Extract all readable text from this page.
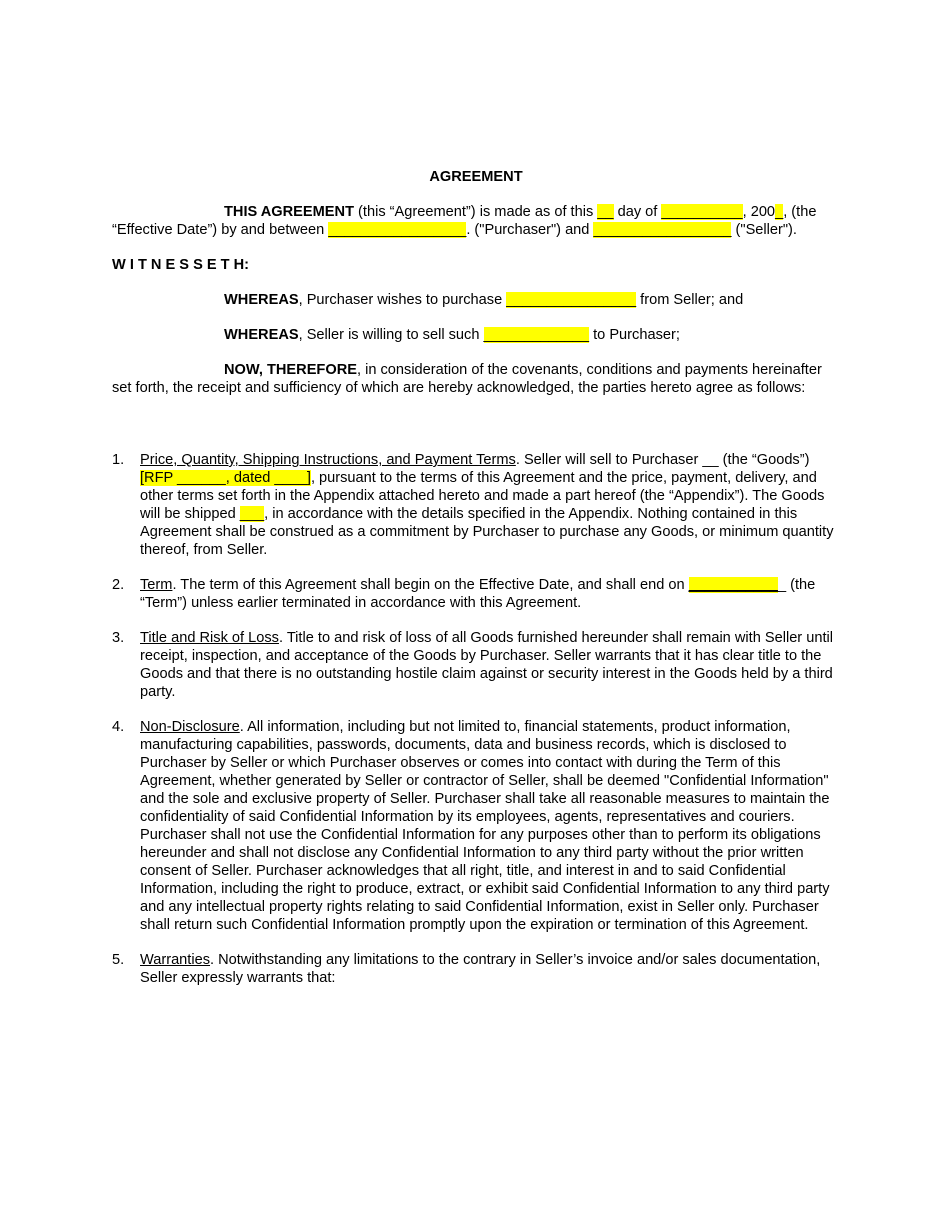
AGREEMENT

THIS AGREEMENT (this “Agreement”) is made as of this __ day of __________, 200_, (the “Effective Date”) by and between _________________. ("Purchaser") and _________________ ("Seller").

W I T N E S S E T H:

WHEREAS, Purchaser wishes to purchase ________________ from Seller; and

WHEREAS, Seller is willing to sell such _____________ to Purchaser;

NOW, THEREFORE, in consideration of the covenants, conditions and payments hereinafter set forth, the receipt and sufficiency of which are hereby acknowledged, the parties hereto agree as follows:

1. Price, Quantity, Shipping Instructions, and Payment Terms. Seller will sell to Purchaser __ (the “Goods”) [RFP ______, dated ____], pursuant to the terms of this Agreement and the price, payment, delivery, and other terms set forth in the Appendix attached hereto and made a part hereof (the “Appendix”). The Goods will be shipped ___, in accordance with the details specified in the Appendix. Nothing contained in this Agreement shall be construed as a commitment by Purchaser to purchase any Goods, or minimum quantity thereof, from Seller.
2. Term. The term of this Agreement shall begin on the Effective Date, and shall end on ____________ (the “Term”) unless earlier terminated in accordance with this Agreement.
3. Title and Risk of Loss. Title to and risk of loss of all Goods furnished hereunder shall remain with Seller until receipt, inspection, and acceptance of the Goods by Purchaser. Seller warrants that it has clear title to the Goods and that there is no outstanding hostile claim against or security interest in the Goods held by a third party.
4. Non-Disclosure. All information, including but not limited to, financial statements, product information, manufacturing capabilities, passwords, documents, data and business records, which is disclosed to Purchaser by Seller or which Purchaser observes or comes into contact with during the Term of this Agreement, whether generated by Seller or contractor of Seller, shall be deemed "Confidential Information" and the sole and exclusive property of Seller. Purchaser shall take all reasonable measures to maintain the confidentiality of said Confidential Information by its employees, agents, representatives and couriers. Purchaser shall not use the Confidential Information for any purposes other than to perform its obligations hereunder and shall not disclose any Confidential Information to any third party without the prior written consent of Seller. Purchaser acknowledges that all right, title, and interest in and to said Confidential Information, including the right to produce, extract, or exhibit said Confidential Information to any third party and any intellectual property rights relating to said Confidential Information, exist in Seller only. Purchaser shall return such Confidential Information promptly upon the expiration or termination of this Agreement.
5. Warranties. Notwithstanding any limitations to the contrary in Seller’s invoice and/or sales documentation, Seller expressly warrants that:
